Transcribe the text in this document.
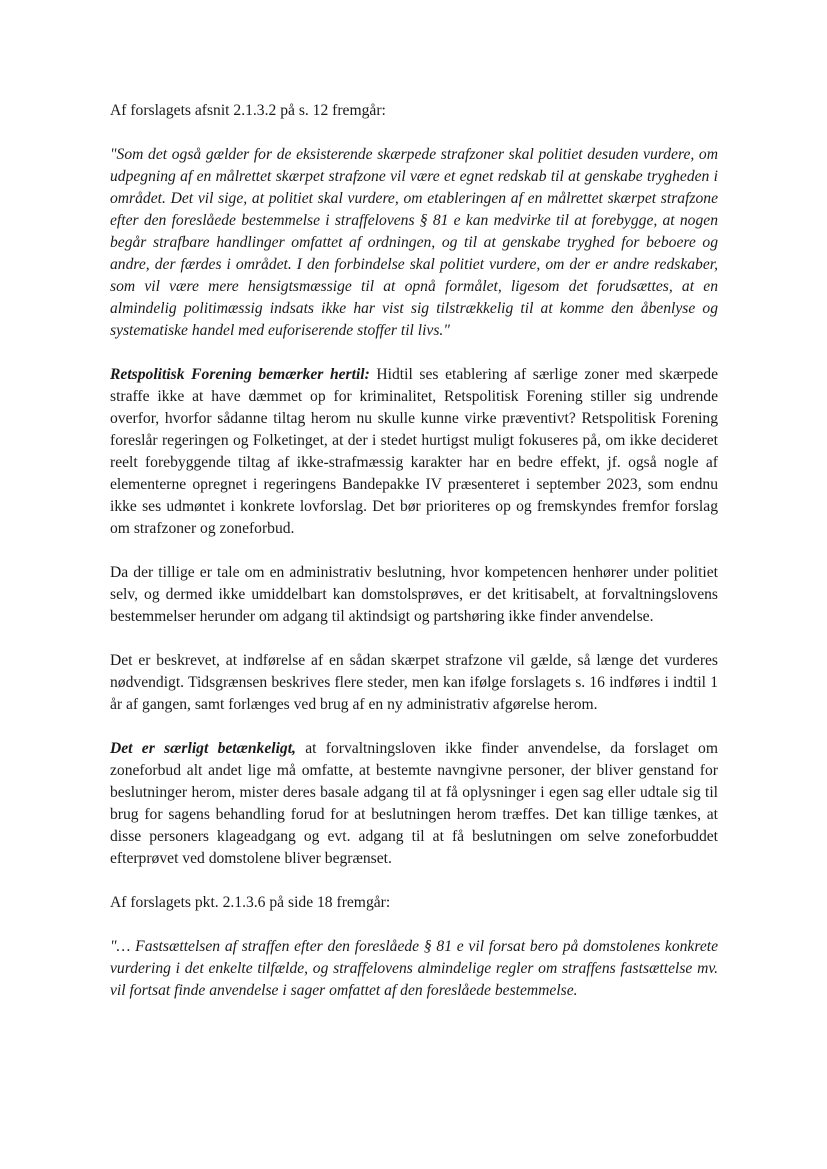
Af forslagets afsnit 2.1.3.2 på s. 12 fremgår:

"Som det også gælder for de eksisterende skærpede strafzoner skal politiet desuden vurdere, om udpegning af en målrettet skærpet strafzone vil være et egnet redskab til at genskabe trygheden i området. Det vil sige, at politiet skal vurdere, om etableringen af en målrettet skærpet strafzone efter den foreslåede bestemmelse i straffelovens § 81 e kan medvirke til at forebygge, at nogen begår strafbare handlinger omfattet af ordningen, og til at genskabe tryghed for beboere og andre, der færdes i området. I den forbindelse skal politiet vurdere, om der er andre redskaber, som vil være mere hensigtsmæssige til at opnå formålet, ligesom det forudsættes, at en almindelig politimæssig indsats ikke har vist sig tilstrækkelig til at komme den åbenlyse og systematiske handel med euforiserende stoffer til livs."

Retspolitisk Forening bemærker hertil: Hidtil ses etablering af særlige zoner med skærpede straffe ikke at have dæmmet op for kriminalitet, Retspolitisk Forening stiller sig undrende overfor, hvorfor sådanne tiltag herom nu skulle kunne virke præventivt? Retspolitisk Forening foreslår regeringen og Folketinget, at der i stedet hurtigst muligt fokuseres på, om ikke decideret reelt forebyggende tiltag af ikke-strafmæssig karakter har en bedre effekt, jf. også nogle af elementerne opregnet i regeringens Bandepakke IV præsenteret i september 2023, som endnu ikke ses udmøntet i konkrete lovforslag. Det bør prioriteres op og fremskyndes fremfor forslag om strafzoner og zoneforbud.

Da der tillige er tale om en administrativ beslutning, hvor kompetencen henhører under politiet selv, og dermed ikke umiddelbart kan domstolsprøves, er det kritisabelt, at forvaltningslovens bestemmelser herunder om adgang til aktindsigt og partshøring ikke finder anvendelse.

Det er beskrevet, at indførelse af en sådan skærpet strafzone vil gælde, så længe det vurderes nødvendigt. Tidsgrænsen beskrives flere steder, men kan ifølge forslagets s. 16 indføres i indtil 1 år af gangen, samt forlænges ved brug af en ny administrativ afgørelse herom.

Det er særligt betænkeligt, at forvaltningsloven ikke finder anvendelse, da forslaget om zoneforbud alt andet lige må omfatte, at bestemte navngivne personer, der bliver genstand for beslutninger herom, mister deres basale adgang til at få oplysninger i egen sag eller udtale sig til brug for sagens behandling forud for at beslutningen herom træffes. Det kan tillige tænkes, at disse personers klageadgang og evt. adgang til at få beslutningen om selve zoneforbuddet efterprøvet ved domstolene bliver begrænset.

Af forslagets pkt. 2.1.3.6 på side 18 fremgår:

"… Fastsættelsen af straffen efter den foreslåede § 81 e vil forsat bero på domstolenes konkrete vurdering i det enkelte tilfælde, og straffelovens almindelige regler om straffens fastsættelse mv. vil fortsat finde anvendelse i sager omfattet af den foreslåede bestemmelse.
